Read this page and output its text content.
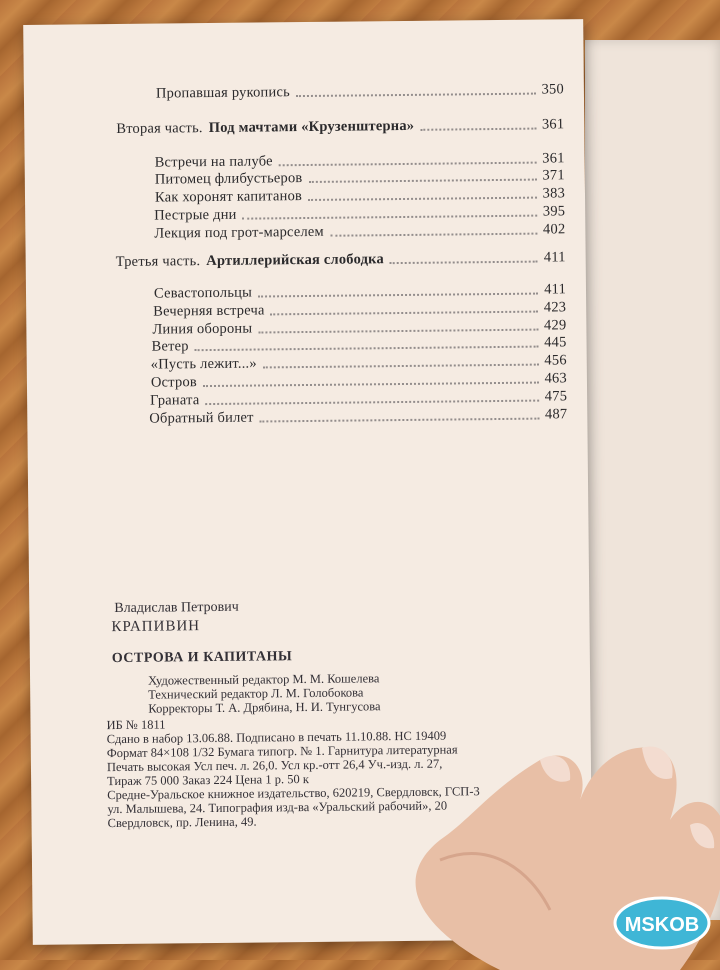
Пропавшая рукопись	350
Вторая часть. Под мачтами «Крузенштерна»	361
Встречи на палубе	361
Питомец флибустьеров	371
Как хоронят капитанов	383
Пестрые дни	395
Лекция под грот-марселем	402
Третья часть. Артиллерийская слободка	411
Севастопольцы	411
Вечерняя встреча	423
Линия обороны	429
Ветер	445
«Пусть лежит...»	456
Остров	463
Граната	475
Обратный билет	487
Владислав Петрович
КРАПИВИН
ОСТРОВА И КАПИТАНЫ
Художественный редактор М. М. Кошелева
Технический редактор Л. М. Голобокова
Корректоры Т. А. Дрябина, Н. И. Тунгусова
ИБ № 1811
Сдано в набор 13.06.88. Подписано в печать 11.10.88. НС 19409
Формат 84×108 1/32 Бумага типогр. № 1. Гарнитура литературная
Печать высокая Усл печ. л. 26,0. Усл кр.-отт 26,4 Уч.-изд. л. 27,
Тираж 75 000 Заказ 224 Цена 1 р. 50 к
Средне-Уральское книжное издательство, 620219, Свердловск, ГСП-3
ул. Малышева, 24. Типография изд-ва «Уральский рабочий», 20
Свердловск, пр. Ленина, 49.
MSKOB
